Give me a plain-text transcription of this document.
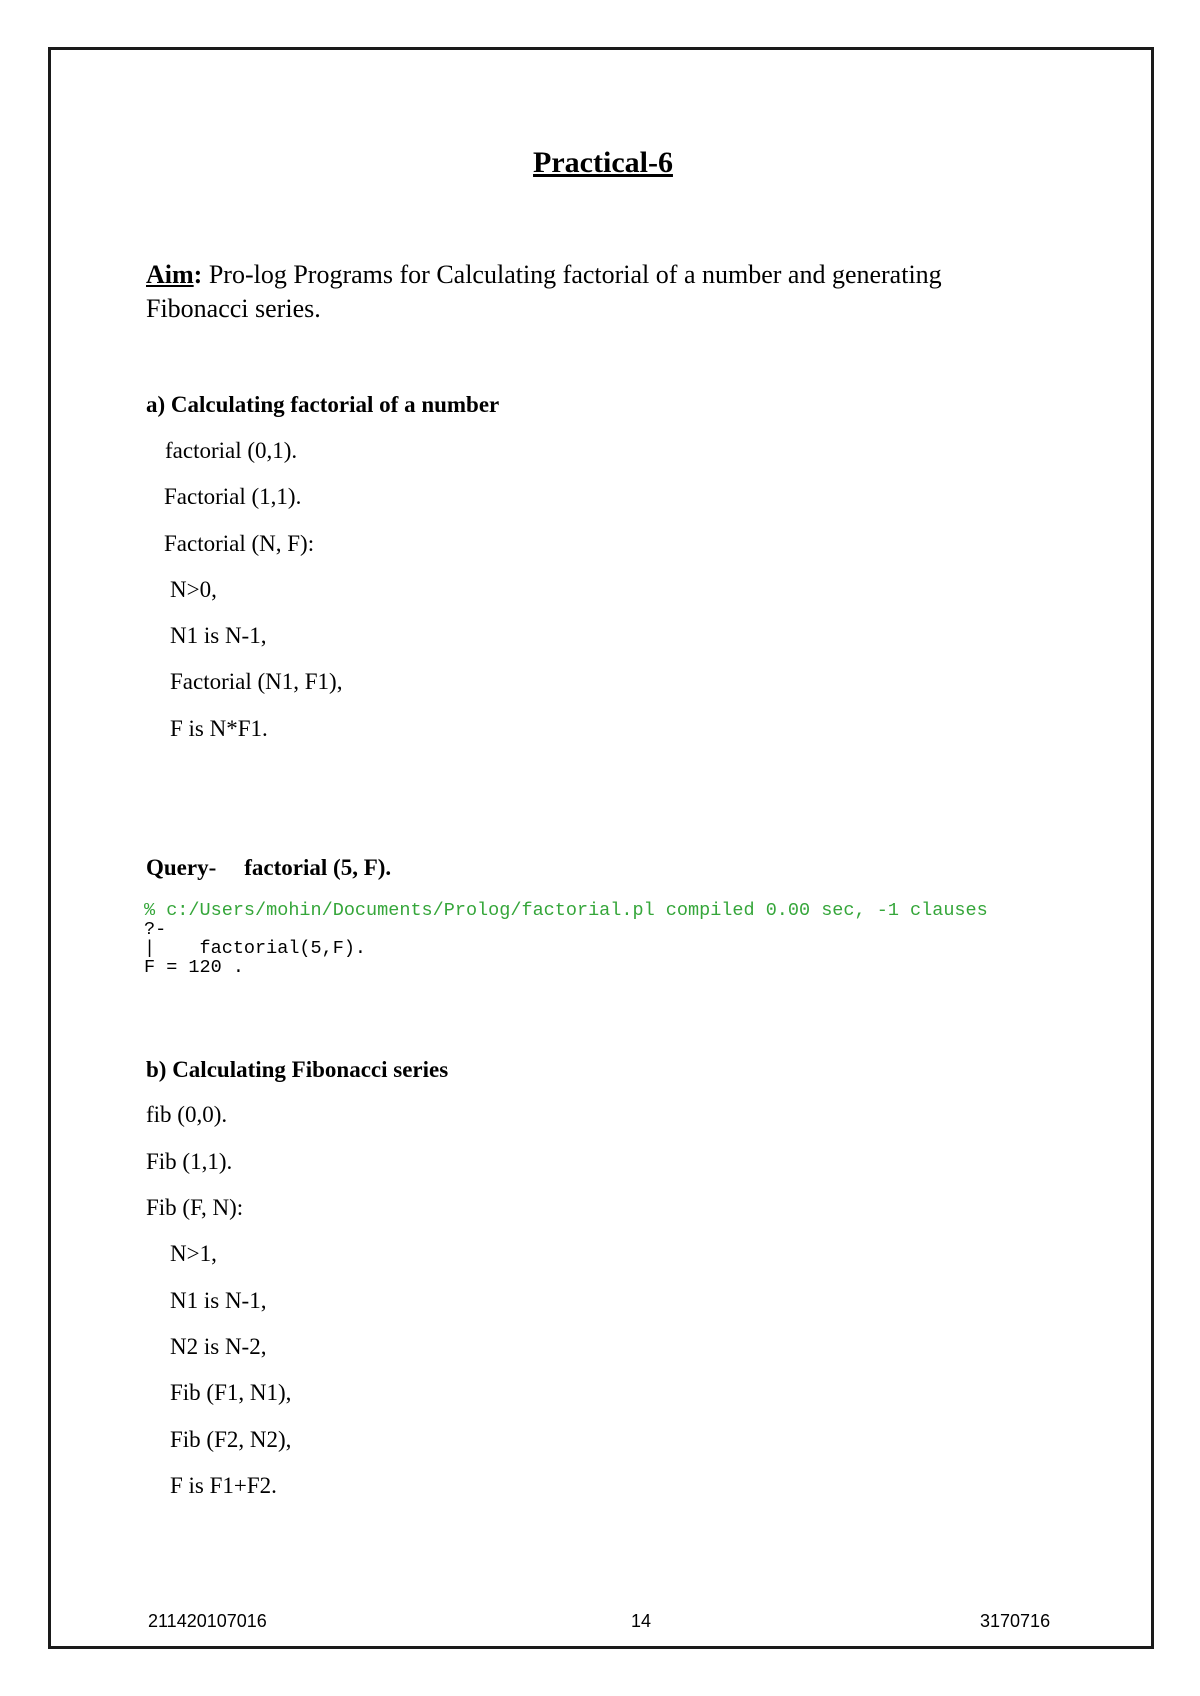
Practical-6

Aim: Pro-log Programs for Calculating factorial of a number and generating Fibonacci series.

a) Calculating factorial of a number
factorial (0,1).
Factorial (1,1).
Factorial (N, F):
N>0,
N1 is N-1,
Factorial (N1, F1),
F is N*F1.
Query- factorial (5, F).
% c:/Users/mohin/Documents/Prolog/factorial.pl compiled 0.00 sec, -1 clauses
?-
|    factorial(5,F).
F = 120 .
b) Calculating Fibonacci series
fib (0,0).
Fib (1,1).
Fib (F, N):
N>1,
N1 is N-1,
N2 is N-2,
Fib (F1, N1),
Fib (F2, N2),
F is F1+F2.
211420107016	14	3170716
